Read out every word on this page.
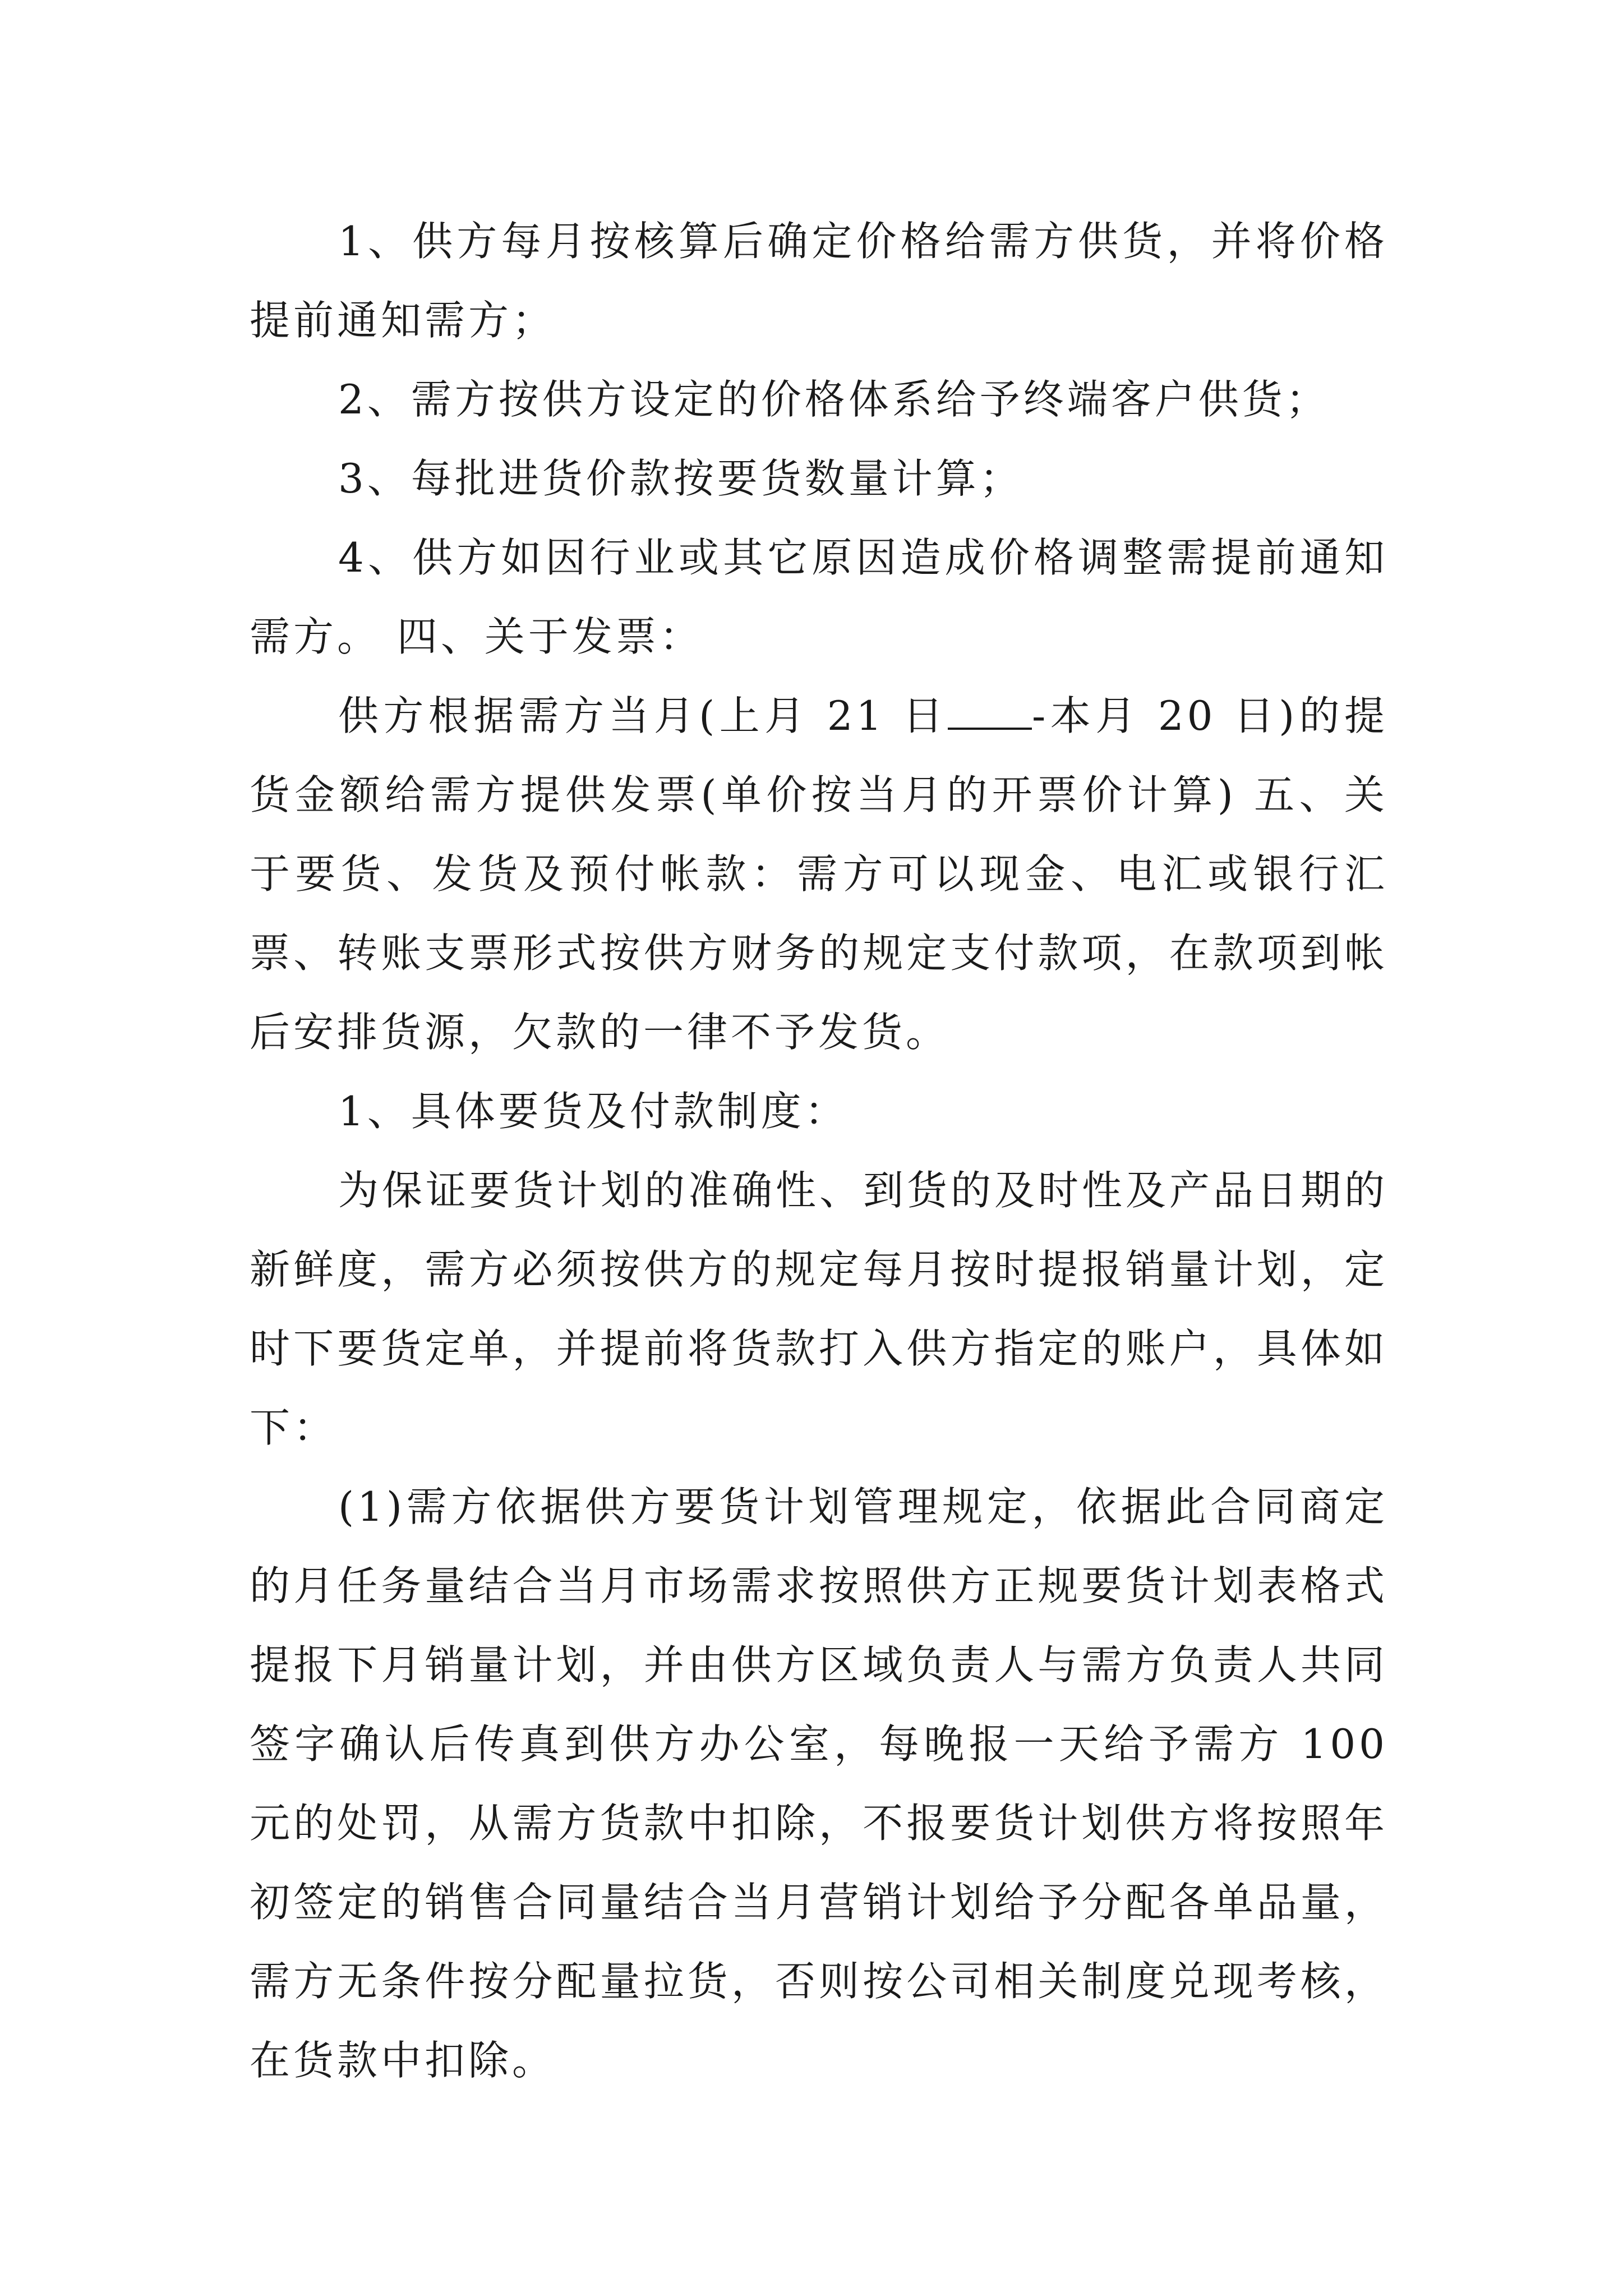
1、供方每月按核算后确定价格给需方供货，并将价格提前通知需方；

2、需方按供方设定的价格体系给予终端客户供货；

3、每批进货价款按要货数量计算；

4、供方如因行业或其它原因造成价格调整需提前通知需方。 四、关于发票：

供方根据需方当月(上月 21 日 -本月 20 日)的提货金额给需方提供发票(单价按当月的开票价计算) 五、关于要货、发货及预付帐款：需方可以现金、电汇或银行汇票、转账支票形式按供方财务的规定支付款项，在款项到帐后安排货源，欠款的一律不予发货。

1、具体要货及付款制度：

为保证要货计划的准确性、到货的及时性及产品日期的新鲜度，需方必须按供方的规定每月按时提报销量计划，定时下要货定单，并提前将货款打入供方指定的账户，具体如下：

(1)需方依据供方要货计划管理规定，依据此合同商定的月任务量结合当月市场需求按照供方正规要货计划表格式提报下月销量计划，并由供方区域负责人与需方负责人共同签字确认后传真到供方办公室，每晚报一天给予需方 100 元的处罚，从需方货款中扣除，不报要货计划供方将按照年初签定的销售合同量结合当月营销计划给予分配各单品量，需方无条件按分配量拉货，否则按公司相关制度兑现考核，在货款中扣除。
